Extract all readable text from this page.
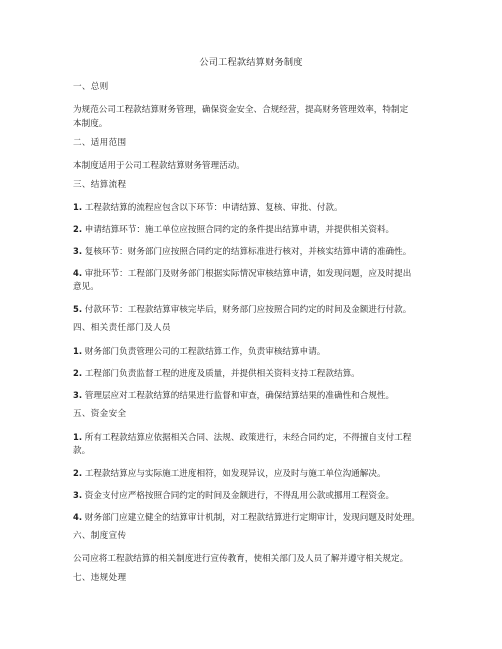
公司工程款结算财务制度
一、总则
为规范公司工程款结算财务管理，确保资金安全、合规经营，提高财务管理效率，特制定
本制度。
二、适用范围
本制度适用于公司工程款结算财务管理活动。
三、结算流程
1. 工程款结算的流程应包含以下环节：申请结算、复核、审批、付款。
2. 申请结算环节：施工单位应按照合同约定的条件提出结算申请，并提供相关资料。
3. 复核环节：财务部门应按照合同约定的结算标准进行核对，并核实结算申请的准确性。
4. 审批环节：工程部门及财务部门根据实际情况审核结算申请，如发现问题，应及时提出
意见。
5. 付款环节：工程款结算审核完毕后，财务部门应按照合同约定的时间及金额进行付款。
四、相关责任部门及人员
1. 财务部门负责管理公司的工程款结算工作，负责审核结算申请。
2. 工程部门负责监督工程的进度及质量，并提供相关资料支持工程款结算。
3. 管理层应对工程款结算的结果进行监督和审查，确保结算结果的准确性和合规性。
五、资金安全
1. 所有工程款结算应依据相关合同、法规、政策进行，未经合同约定，不得擅自支付工程
款。
2. 工程款结算应与实际施工进度相符，如发现异议，应及时与施工单位沟通解决。
3. 资金支付应严格按照合同约定的时间及金额进行，不得乱用公款或挪用工程资金。
4. 财务部门应建立健全的结算审计机制，对工程款结算进行定期审计，发现问题及时处理。
六、制度宣传
公司应将工程款结算的相关制度进行宣传教育，使相关部门及人员了解并遵守相关规定。
七、违规处理
